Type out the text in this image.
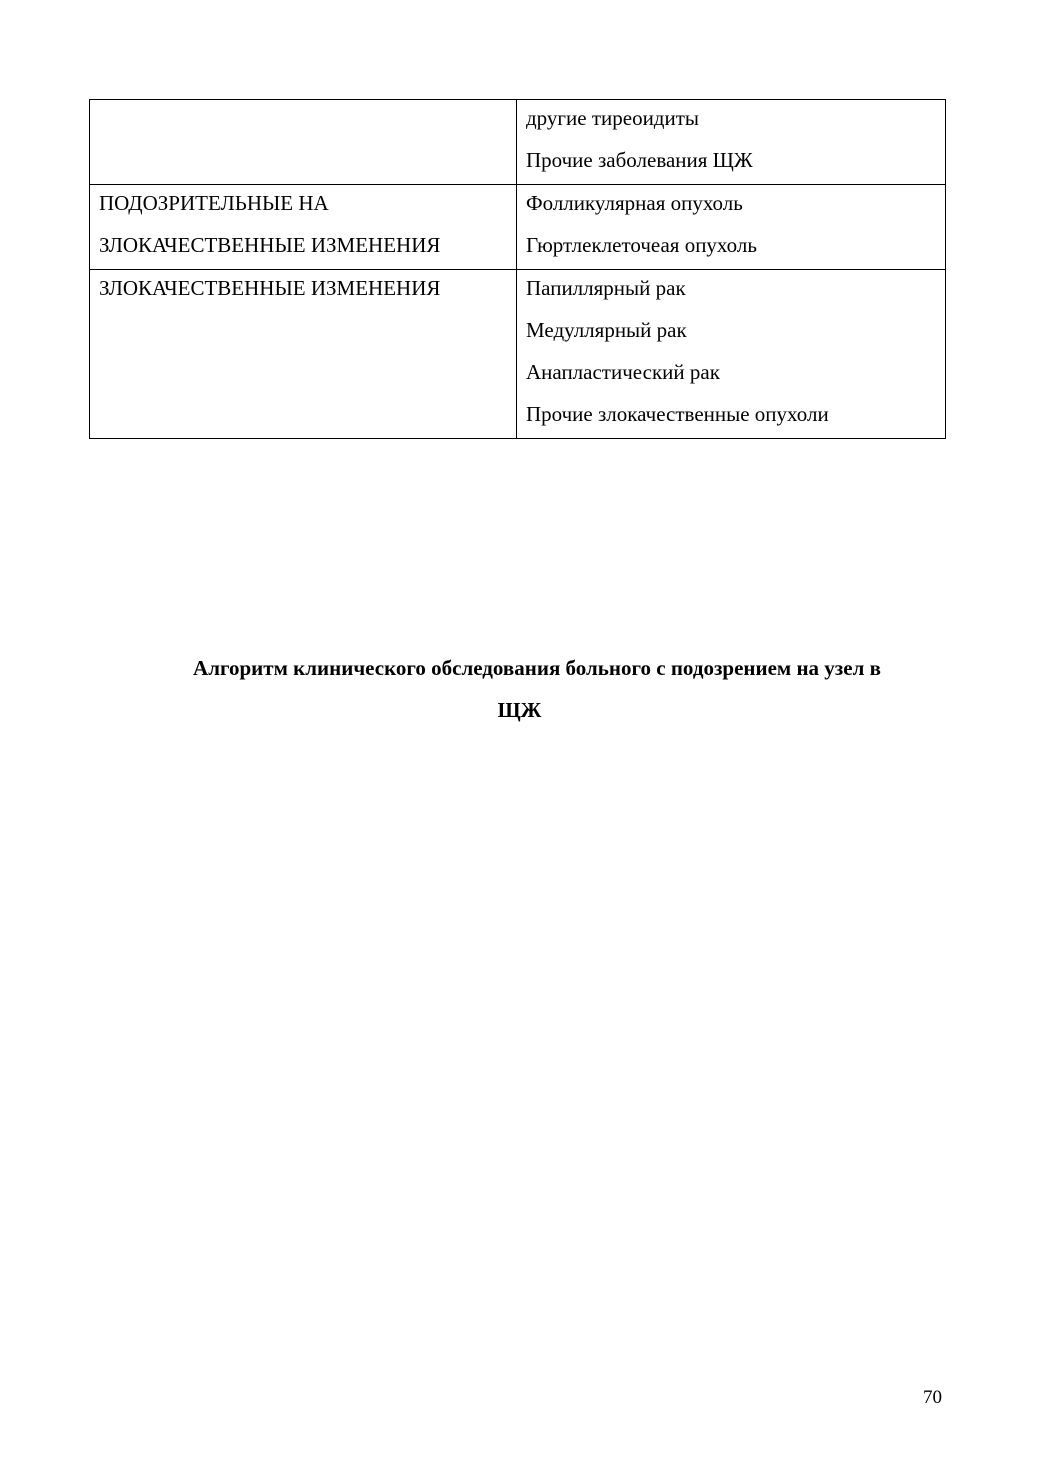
	другие тиреоидиты
Прочие заболевания ЩЖ

ПОДОЗРИТЕЛЬНЫЕ НА
ЗЛОКАЧЕСТВЕННЫЕ ИЗМЕНЕНИЯ	Фолликулярная опухоль
Гюртлеклеточеая опухоль

ЗЛОКАЧЕСТВЕННЫЕ ИЗМЕНЕНИЯ	Папиллярный рак
Медуллярный рак
Анапластический рак
Прочие злокачественные опухоли
Алгоритм клинического обследования больного с подозрением на узел в
ЩЖ
70
